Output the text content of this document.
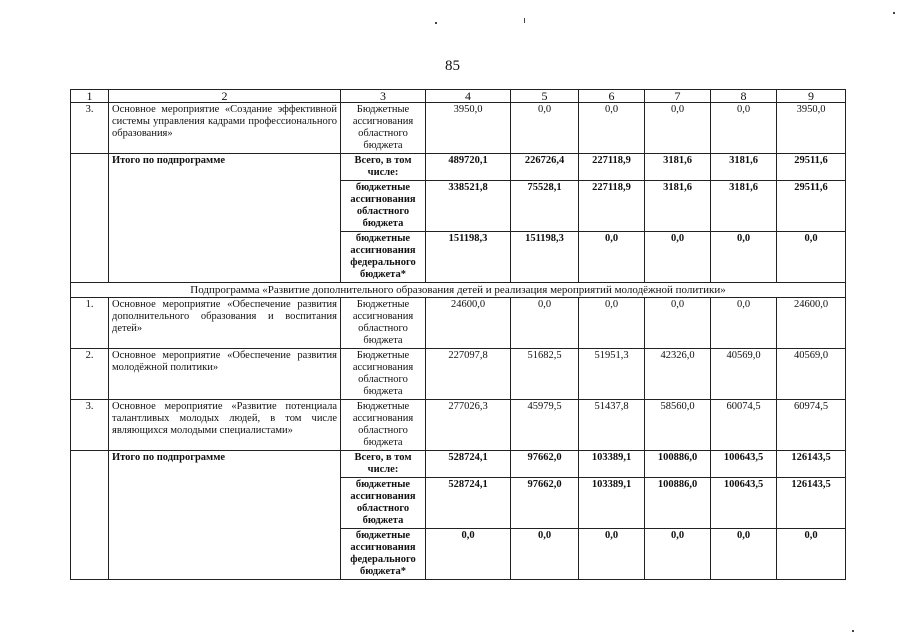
85
1	2	3	4	5	6	7	8	9
3.	Основное мероприятие «Создание эффективной системы управления кадрами профессионального образования»	Бюджетные ассигнования областного бюджета	3950,0	0,0	0,0	0,0	0,0	3950,0
	Итого по подпрограмме	Всего, в том числе:	489720,1	226726,4	227118,9	3181,6	3181,6	29511,6
		бюджетные ассигнования областного бюджета	338521,8	75528,1	227118,9	3181,6	3181,6	29511,6
		бюджетные ассигнования федерального бюджета*	151198,3	151198,3	0,0	0,0	0,0	0,0
Подпрограмма «Развитие дополнительного образования детей и реализация мероприятий молодёжной политики»								
1.	Основное мероприятие «Обеспечение развития дополнительного образования и воспитания детей»	Бюджетные ассигнования областного бюджета	24600,0	0,0	0,0	0,0	0,0	24600,0
2.	Основное мероприятие «Обеспечение развития молодёжной политики»	Бюджетные ассигнования областного бюджета	227097,8	51682,5	51951,3	42326,0	40569,0	40569,0
3.	Основное мероприятие «Развитие потенциала талантливых молодых людей, в том числе являющихся молодыми специалистами»	Бюджетные ассигнования областного бюджета	277026,3	45979,5	51437,8	58560,0	60074,5	60974,5
	Итого по подпрограмме	Всего, в том числе:	528724,1	97662,0	103389,1	100886,0	100643,5	126143,5
		бюджетные ассигнования областного бюджета	528724,1	97662,0	103389,1	100886,0	100643,5	126143,5
		бюджетные ассигнования федерального бюджета*	0,0	0,0	0,0	0,0	0,0	0,0
